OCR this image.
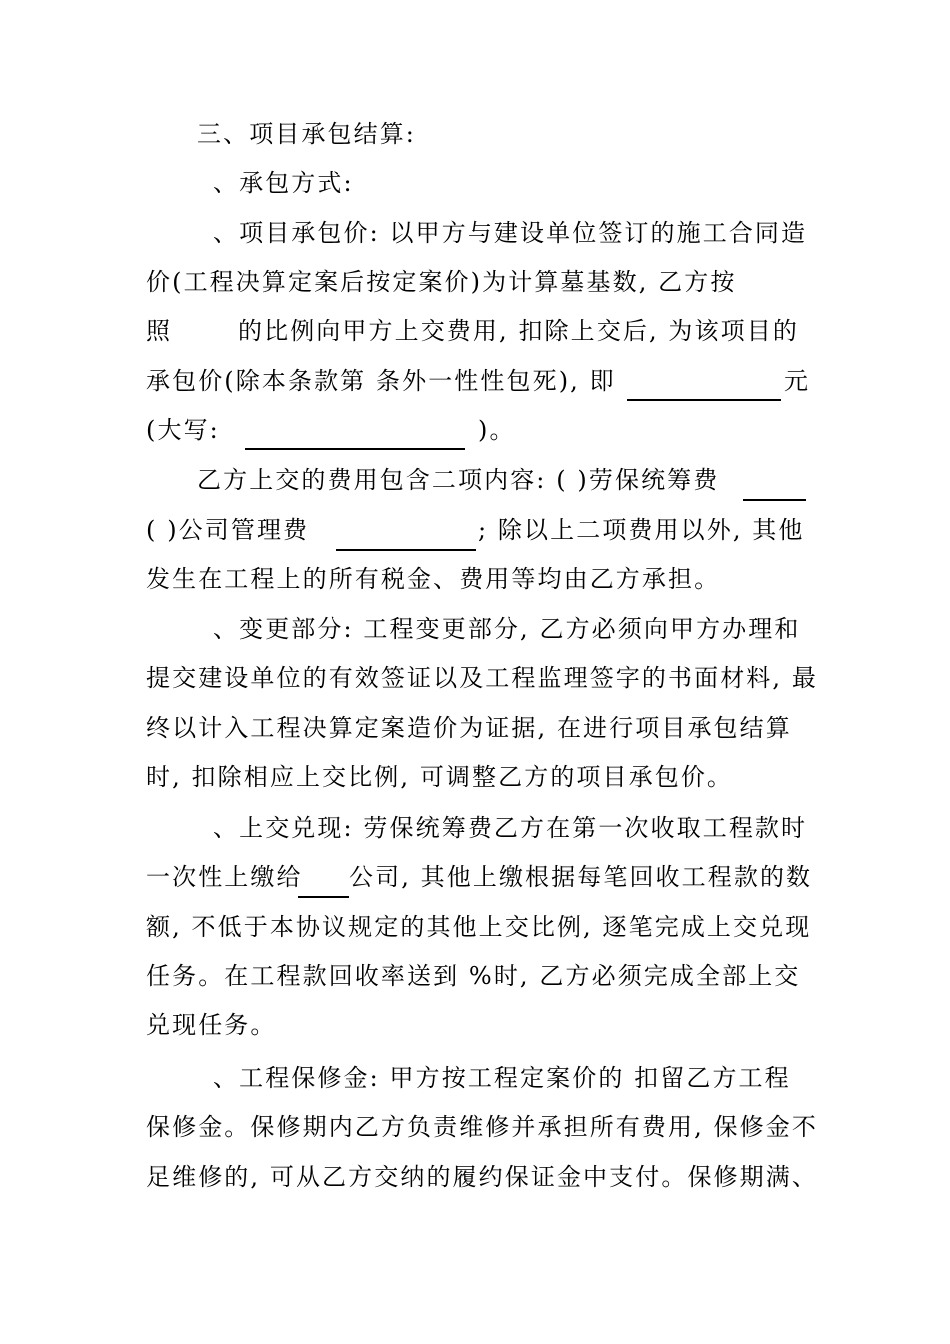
三、项目承包结算:
、承包方式:
、项目承包价: 以甲方与建设单位签订的施工合同造
价(工程决算定案后按定案价)为计算墓基数, 乙方按
照	的比例向甲方上交费用, 扣除上交后, 为该项目的
承包价(除本条款第 条外一性性包死), 即	元
(大写:	)。
乙方上交的费用包含二项内容: ( )劳保统筹费
( )公司管理费	; 除以上二项费用以外, 其他
发生在工程上的所有税金、费用等均由乙方承担。
、变更部分: 工程变更部分, 乙方必须向甲方办理和
提交建设单位的有效签证以及工程监理签字的书面材料, 最
终以计入工程决算定案造价为证据, 在进行项目承包结算
时, 扣除相应上交比例, 可调整乙方的项目承包价。
、上交兑现: 劳保统筹费乙方在第一次收取工程款时
一次性上缴给 公司, 其他上缴根据每笔回收工程款的数
额, 不低于本协议规定的其他上交比例, 逐笔完成上交兑现
任务。在工程款回收率送到 %时, 乙方必须完成全部上交
兑现任务。
、工程保修金: 甲方按工程定案价的 扣留乙方工程
保修金。保修期内乙方负责维修并承担所有费用, 保修金不
足维修的, 可从乙方交纳的履约保证金中支付。保修期满、
